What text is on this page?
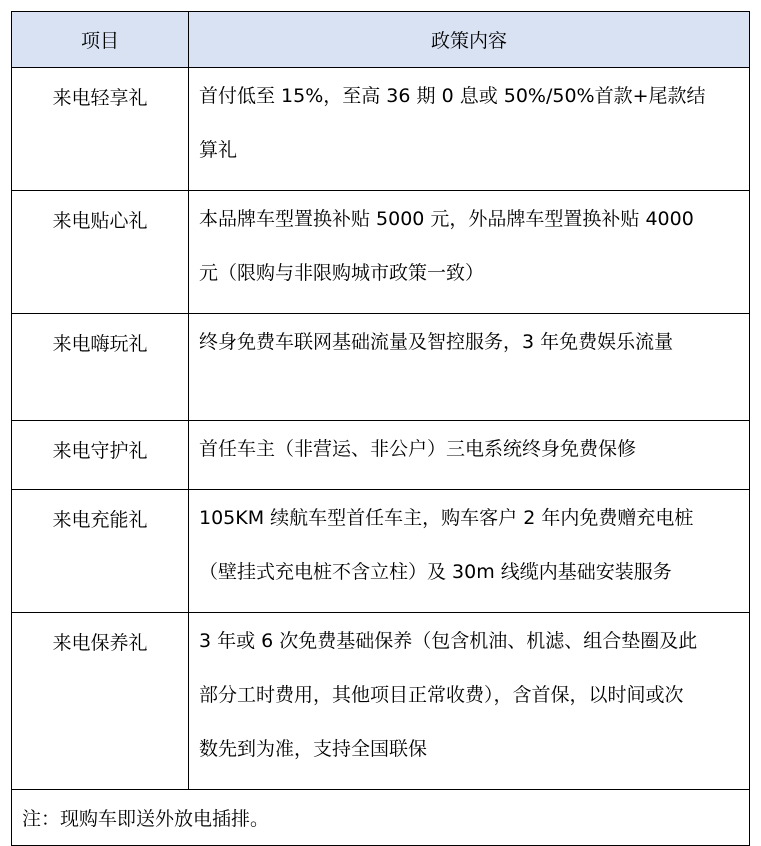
项目	政策内容
来电轻享礼	首付低至 15%，至高 36 期 0 息或 50%/50%首款+尾款结
算礼

来电贴心礼	本品牌车型置换补贴 5000 元，外品牌车型置换补贴 4000
元（限购与非限购城市政策一致）

来电嗨玩礼	终身免费车联网基础流量及智控服务，3 年免费娱乐流量

来电守护礼	首任车主（非营运、非公户）三电系统终身免费保修

来电充能礼	105KM 续航车型首任车主，购车客户 2 年内免费赠充电桩
（壁挂式充电桩不含立柱）及 30m 线缆内基础安装服务

来电保养礼	3 年或 6 次免费基础保养（包含机油、机滤、组合垫圈及此
部分工时费用，其他项目正常收费），含首保，以时间或次
数先到为准，支持全国联保

注：现购车即送外放电插排。	
